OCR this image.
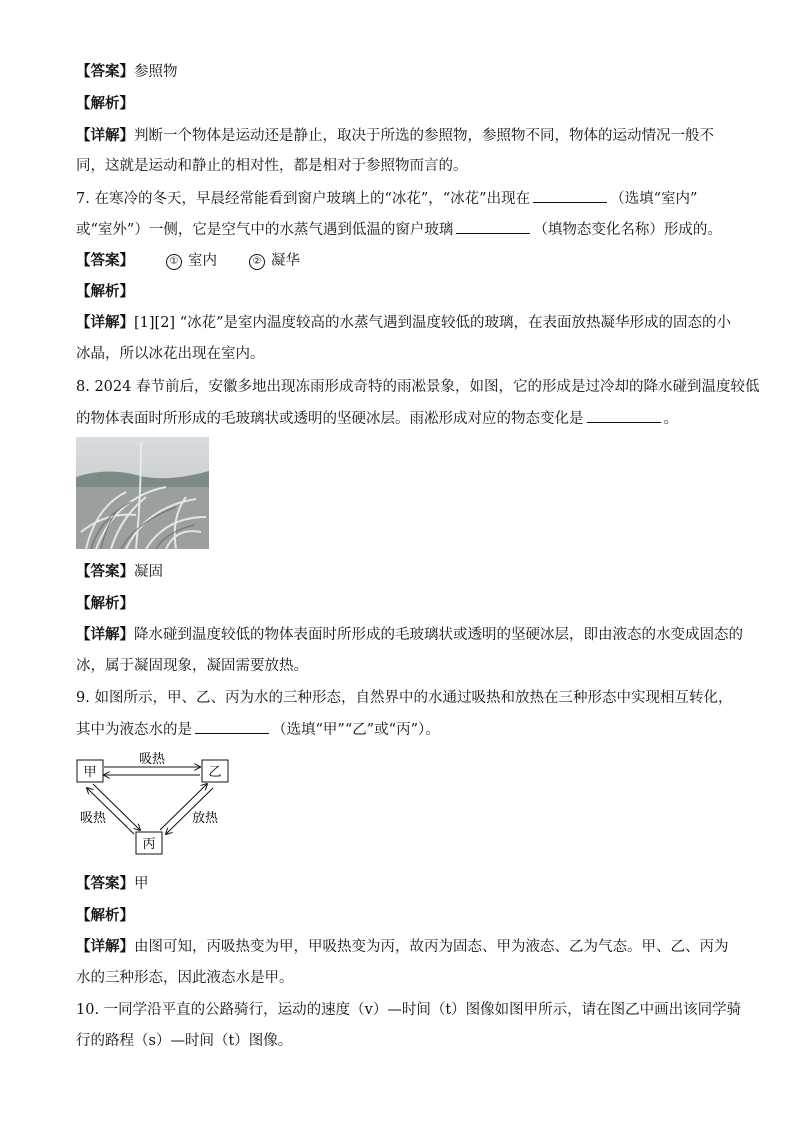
【答案】参照物
【解析】
【详解】判断一个物体是运动还是静止，取决于所选的参照物，参照物不同，物体的运动情况一般不
同，这就是运动和静止的相对性，都是相对于参照物而言的。
7. 在寒冷的冬天，早晨经常能看到窗户玻璃上的“冰花”，“冰花”出现在	（选填“室内”
或“室外”）一侧，它是空气中的水蒸气遇到低温的窗户玻璃	（填物态变化名称）形成的。
【答案】	① 室内	② 凝华
【解析】
【详解】[1][2] “冰花”是室内温度较高的水蒸气遇到温度较低的玻璃，在表面放热凝华形成的固态的小
冰晶，所以冰花出现在室内。
8. 2024 春节前后，安徽多地出现冻雨形成奇特的雨凇景象，如图，它的形成是过冷却的降水碰到温度较低
的物体表面时所形成的毛玻璃状或透明的坚硬冰层。雨凇形成对应的物态变化是	。
【答案】凝固
【解析】
【详解】降水碰到温度较低的物体表面时所形成的毛玻璃状或透明的坚硬冰层，即由液态的水变成固态的
冰，属于凝固现象，凝固需要放热。
9. 如图所示，甲、乙、丙为水的三种形态，自然界中的水通过吸热和放热在三种形态中实现相互转化，
其中为液态水的是	（选填“甲”“乙”或“丙”）。
甲	乙
丙
吸热
吸热	放热
【答案】甲
【解析】
【详解】由图可知，丙吸热变为甲，甲吸热变为丙，故丙为固态、甲为液态、乙为气态。甲、乙、丙为
水的三种形态，因此液态水是甲。
10. 一同学沿平直的公路骑行，运动的速度（v）—时间（t）图像如图甲所示，请在图乙中画出该同学骑
行的路程（s）—时间（t）图像。
